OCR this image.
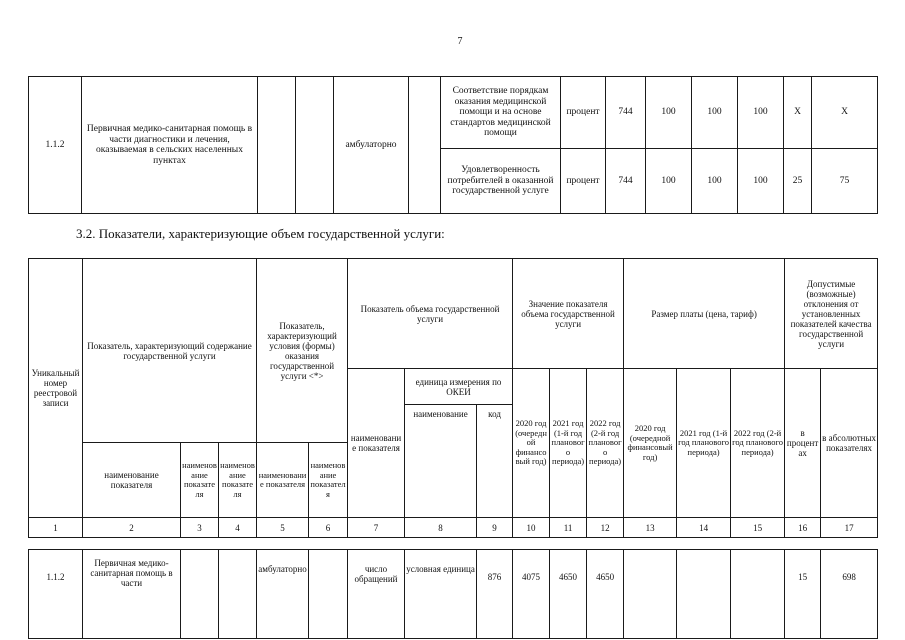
7
1.1.2	Первичная медико-санитарная помощь в части диагностики и лечения, оказываемая в сельских населенных пунктах			амбулаторно		Соответствие порядкам оказания медицинской помощи и на основе стандартов медицинской помощи	процент	744	100	100	100	X	X
						Удовлетворенность потребителей в оказанной государственной услуге	процент	744	100	100	100	25	75
3.2. Показатели, характеризующие объем государственной услуги:
Уникальный номер реестровой записи	Показатель, характеризующий содержание государственной услуги			Показатель, характеризующий условия (формы) оказания государственной услуги <*>		Показатель объема государственной услуги			Значение показателя объема государственной услуги			Размер платы (цена, тариф)			Допустимые (возможные) отклонения от установленных показателей качества государственной услуги	
						наименование показателя	единица измерения по ОКЕИ		2020 год (очередной финансовый год)	2021 год (1-й год планового периода)	2022 год (2-й год планового периода)	2020 год (очередной финансовый год)	2021 год (1-й год планового периода)	2022 год (2-й год планового периода)	в процентах	в абсолютных показателях
							наименование	код								
	наименование показателя	наименование показателя	наименование показателя	наименование показателя	наименование показателя											
1	2	3	4	5	6	7	8	9	10	11	12	13	14	15	16	17

1.1.2	Первичная медико-санитарная помощь в части			амбулаторно		число обращений	условная единица	876	4075	4650	4650				15	698
